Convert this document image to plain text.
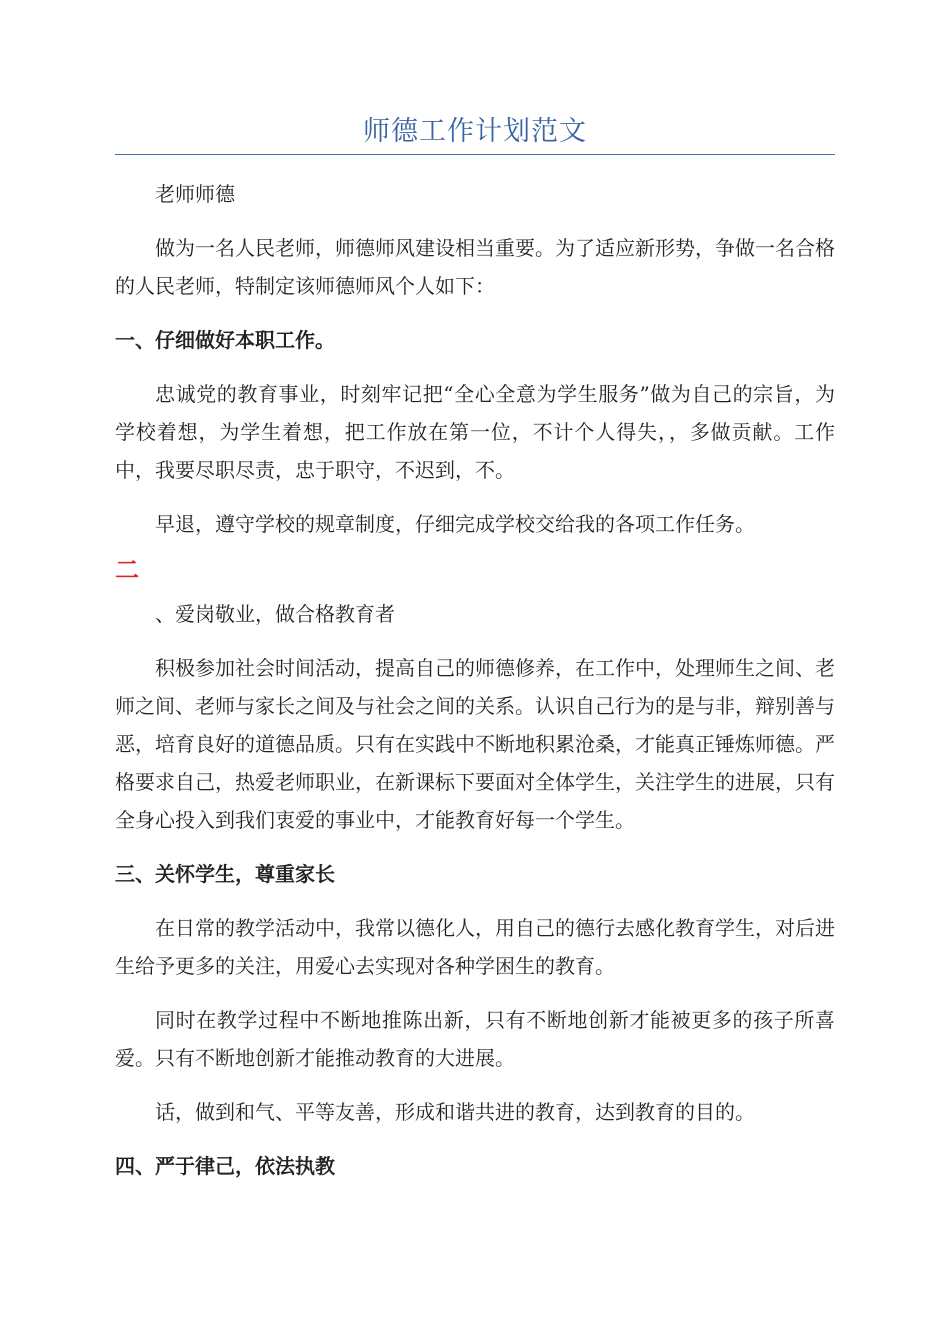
师德工作计划范文

老师师德

做为一名人民老师，师德师风建设相当重要。为了适应新形势，争做一名合格的人民老师，特制定该师德师风个人如下：

一、仔细做好本职工作。

忠诚党的教育事业，时刻牢记把“全心全意为学生服务”做为自己的宗旨，为学校着想，为学生着想，把工作放在第一位，不计个人得失，，多做贡献。工作中，我要尽职尽责，忠于职守，不迟到，不。

早退，遵守学校的规章制度，仔细完成学校交给我的各项工作任务。

二

、爱岗敬业，做合格教育者

积极参加社会时间活动，提高自己的师德修养，在工作中，处理师生之间、老师之间、老师与家长之间及与社会之间的关系。认识自己行为的是与非，辩别善与恶，培育良好的道德品质。只有在实践中不断地积累沧桑，才能真正锤炼师德。严格要求自己，热爱老师职业，在新课标下要面对全体学生，关注学生的进展，只有全身心投入到我们衷爱的事业中，才能教育好每一个学生。

三、关怀学生，尊重家长

在日常的教学活动中，我常以德化人，用自己的德行去感化教育学生，对后进生给予更多的关注，用爱心去实现对各种学困生的教育。

同时在教学过程中不断地推陈出新，只有不断地创新才能被更多的孩子所喜爱。只有不断地创新才能推动教育的大进展。

话，做到和气、平等友善，形成和谐共进的教育，达到教育的目的。

四、严于律己，依法执教
